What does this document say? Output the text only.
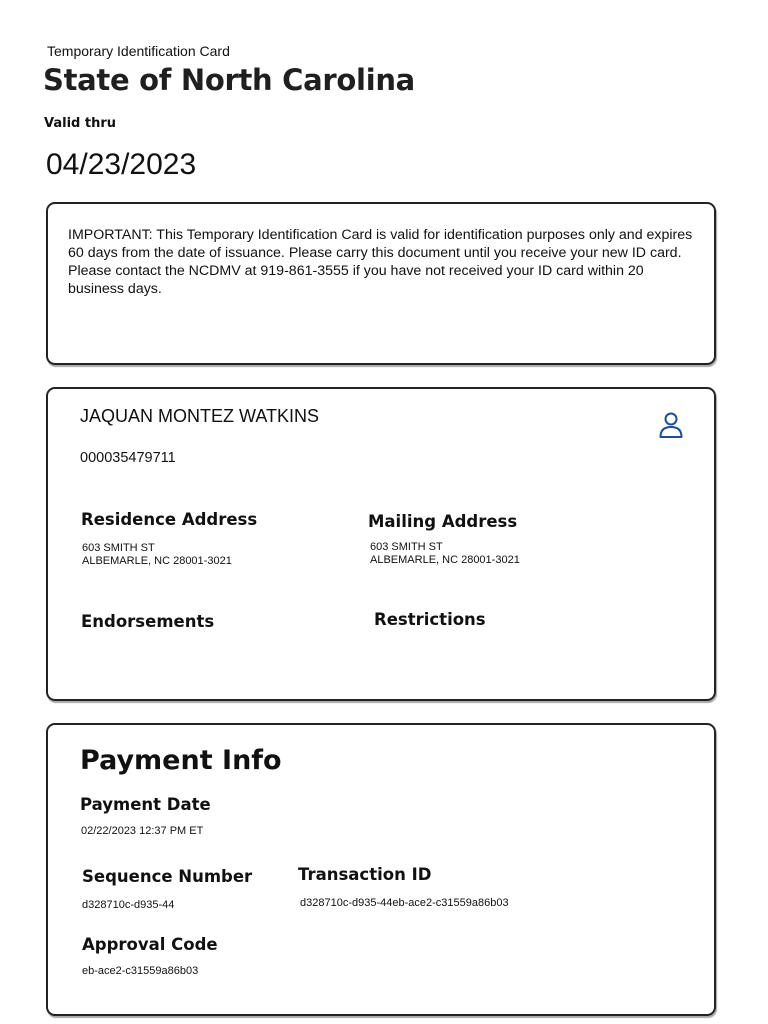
Temporary Identification Card
State of North Carolina
Valid thru
04/23/2023
IMPORTANT: This Temporary Identification Card is valid for identification purposes only and expires 60 days from the date of issuance. Please carry this document until you receive your new ID card. Please contact the NCDMV at 919-861-3555 if you have not received your ID card within 20 business days.
JAQUAN MONTEZ WATKINS
000035479711
Residence Address
603 SMITH ST
ALBEMARLE, NC 28001-3021
Mailing Address
603 SMITH ST
ALBEMARLE, NC 28001-3021
Endorsements	Restrictions
Payment Info
Payment Date
02/22/2023 12:37 PM ET
Sequence Number
d328710c-d935-44
Transaction ID
d328710c-d935-44eb-ace2-c31559a86b03
Approval Code
eb-ace2-c31559a86b03
